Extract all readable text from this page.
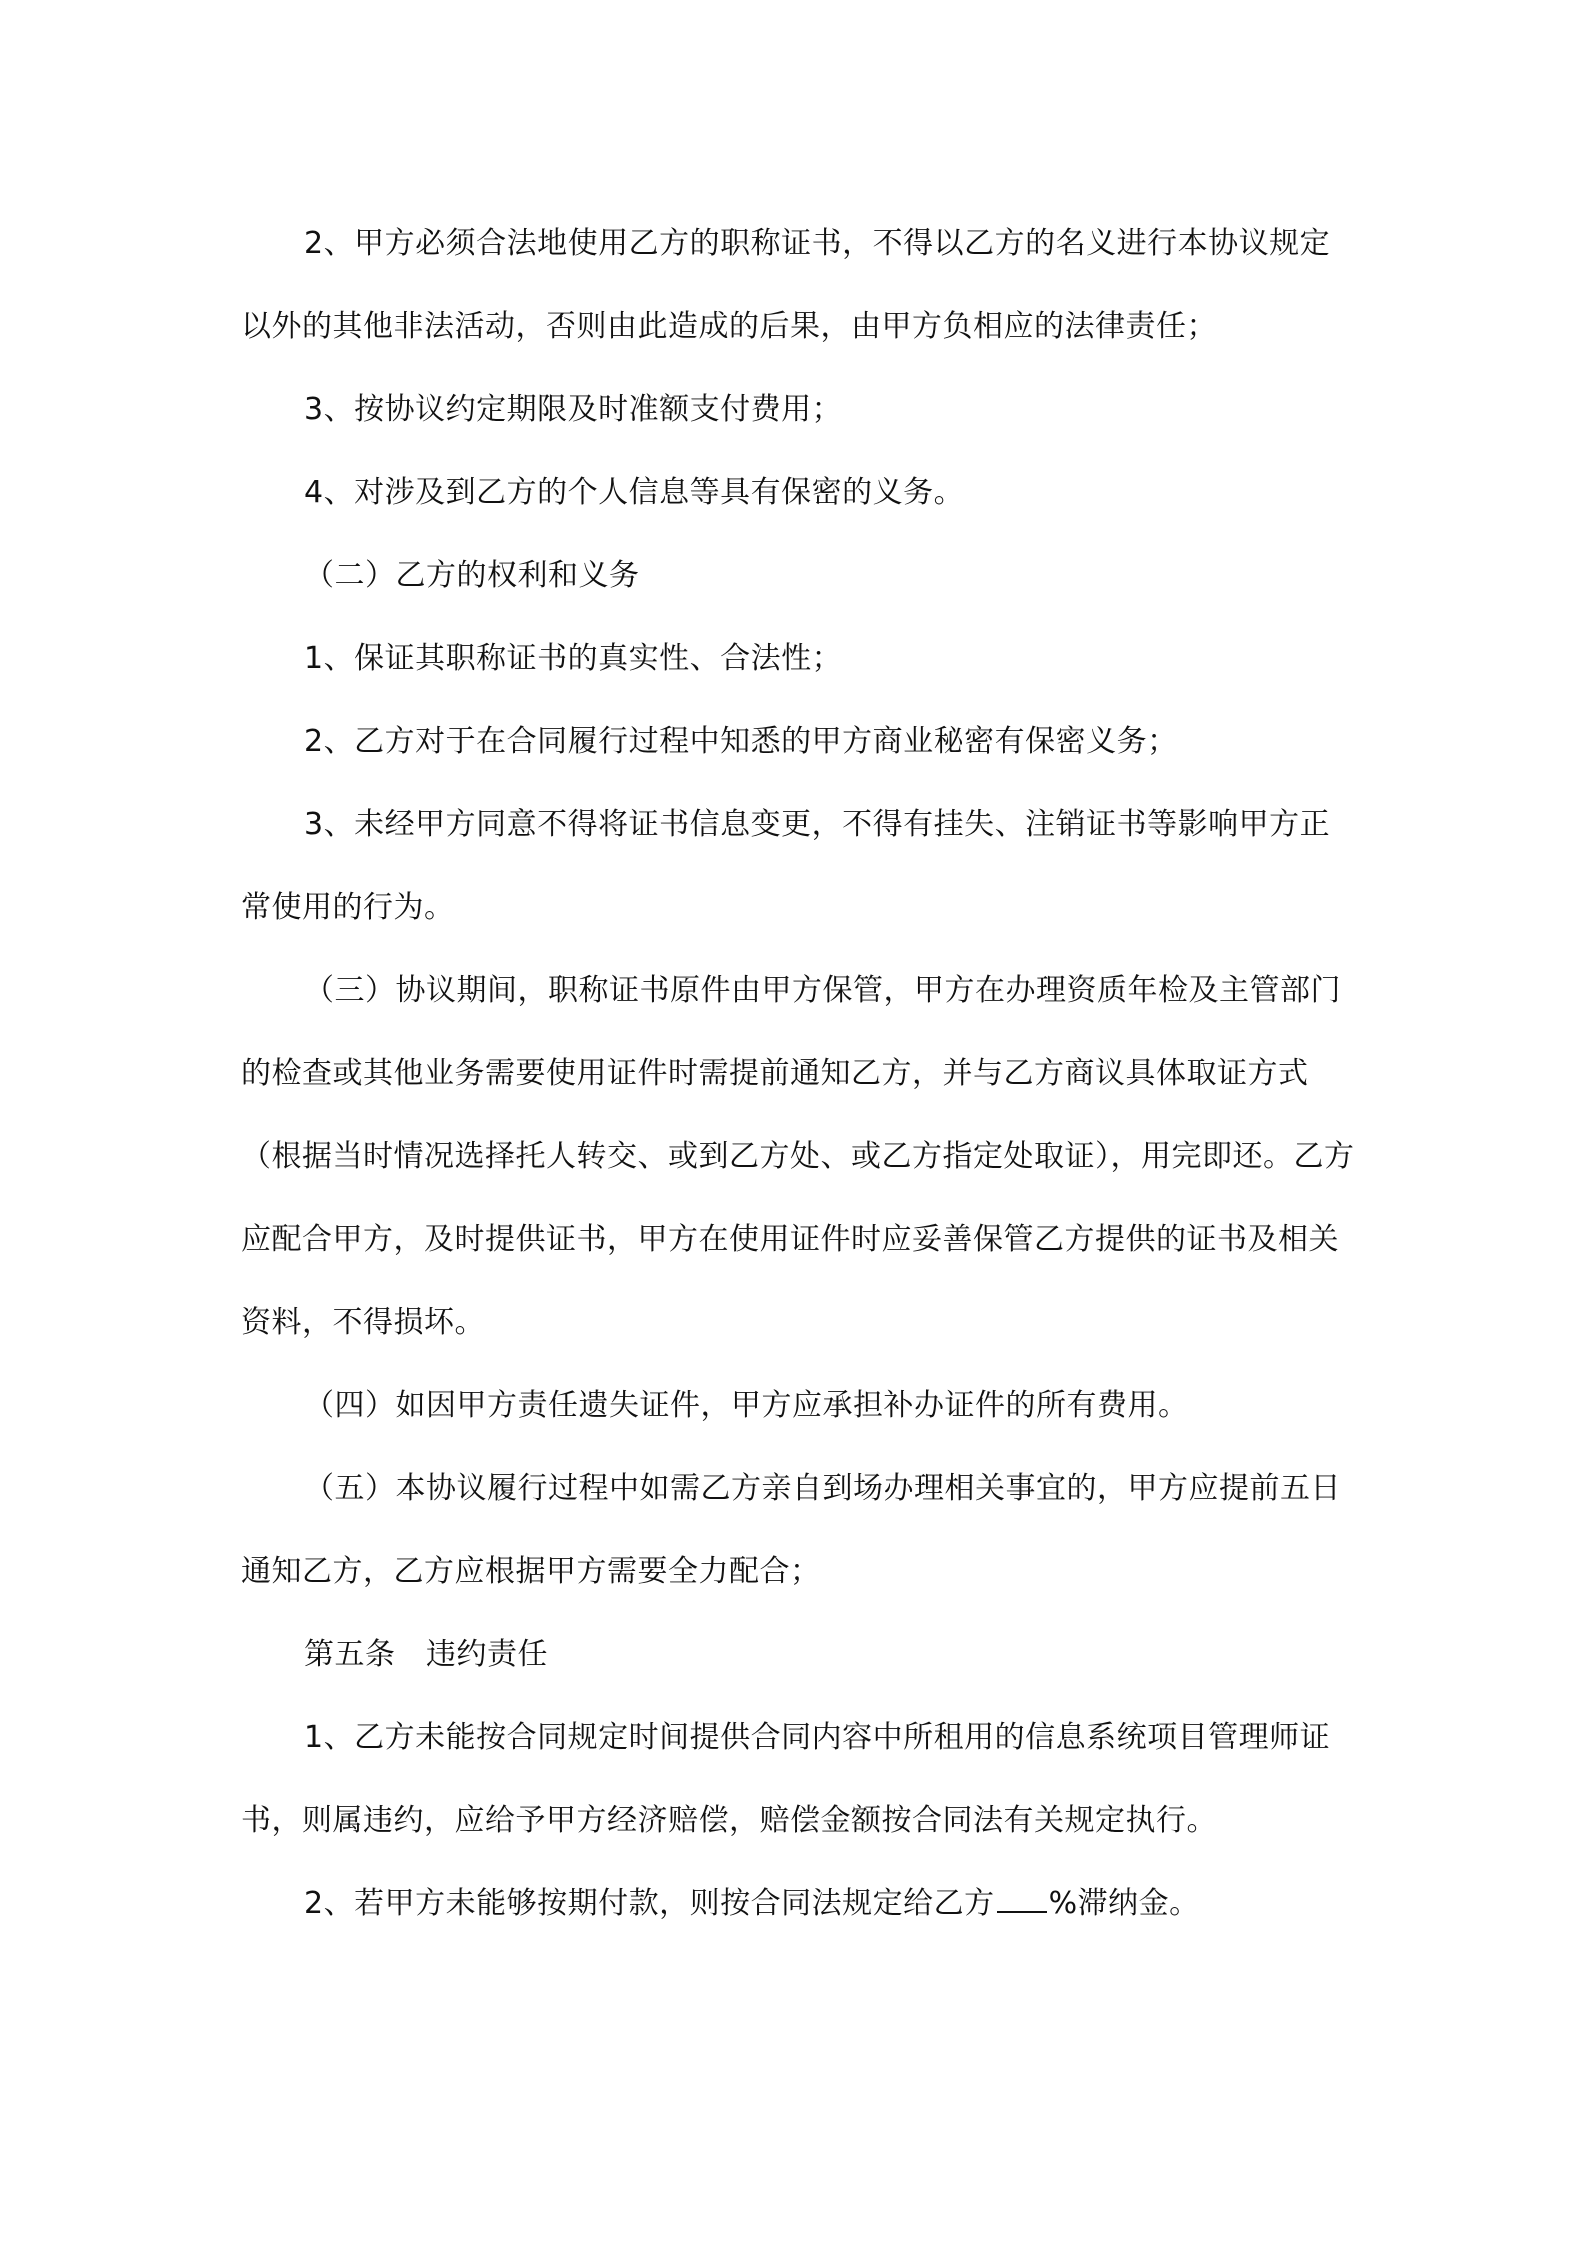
2、甲方必须合法地使用乙方的职称证书，不得以乙方的名义进行本协议规定以外的其他非法活动，否则由此造成的后果，由甲方负相应的法律责任；

3、按协议约定期限及时准额支付费用；

4、对涉及到乙方的个人信息等具有保密的义务。

（二）乙方的权利和义务

1、保证其职称证书的真实性、合法性；

2、乙方对于在合同履行过程中知悉的甲方商业秘密有保密义务；

3、未经甲方同意不得将证书信息变更，不得有挂失、注销证书等影响甲方正常使用的行为。

（三）协议期间，职称证书原件由甲方保管，甲方在办理资质年检及主管部门的检查或其他业务需要使用证件时需提前通知乙方，并与乙方商议具体取证方式（根据当时情况选择托人转交、或到乙方处、或乙方指定处取证），用完即还。乙方应配合甲方，及时提供证书，甲方在使用证件时应妥善保管乙方提供的证书及相关资料，不得损坏。

（四）如因甲方责任遗失证件，甲方应承担补办证件的所有费用。

（五）本协议履行过程中如需乙方亲自到场办理相关事宜的，甲方应提前五日通知乙方，乙方应根据甲方需要全力配合；

第五条　违约责任

1、乙方未能按合同规定时间提供合同内容中所租用的信息系统项目管理师证书，则属违约，应给予甲方经济赔偿，赔偿金额按合同法有关规定执行。

2、若甲方未能够按期付款，则按合同法规定给乙方 %滞纳金。
